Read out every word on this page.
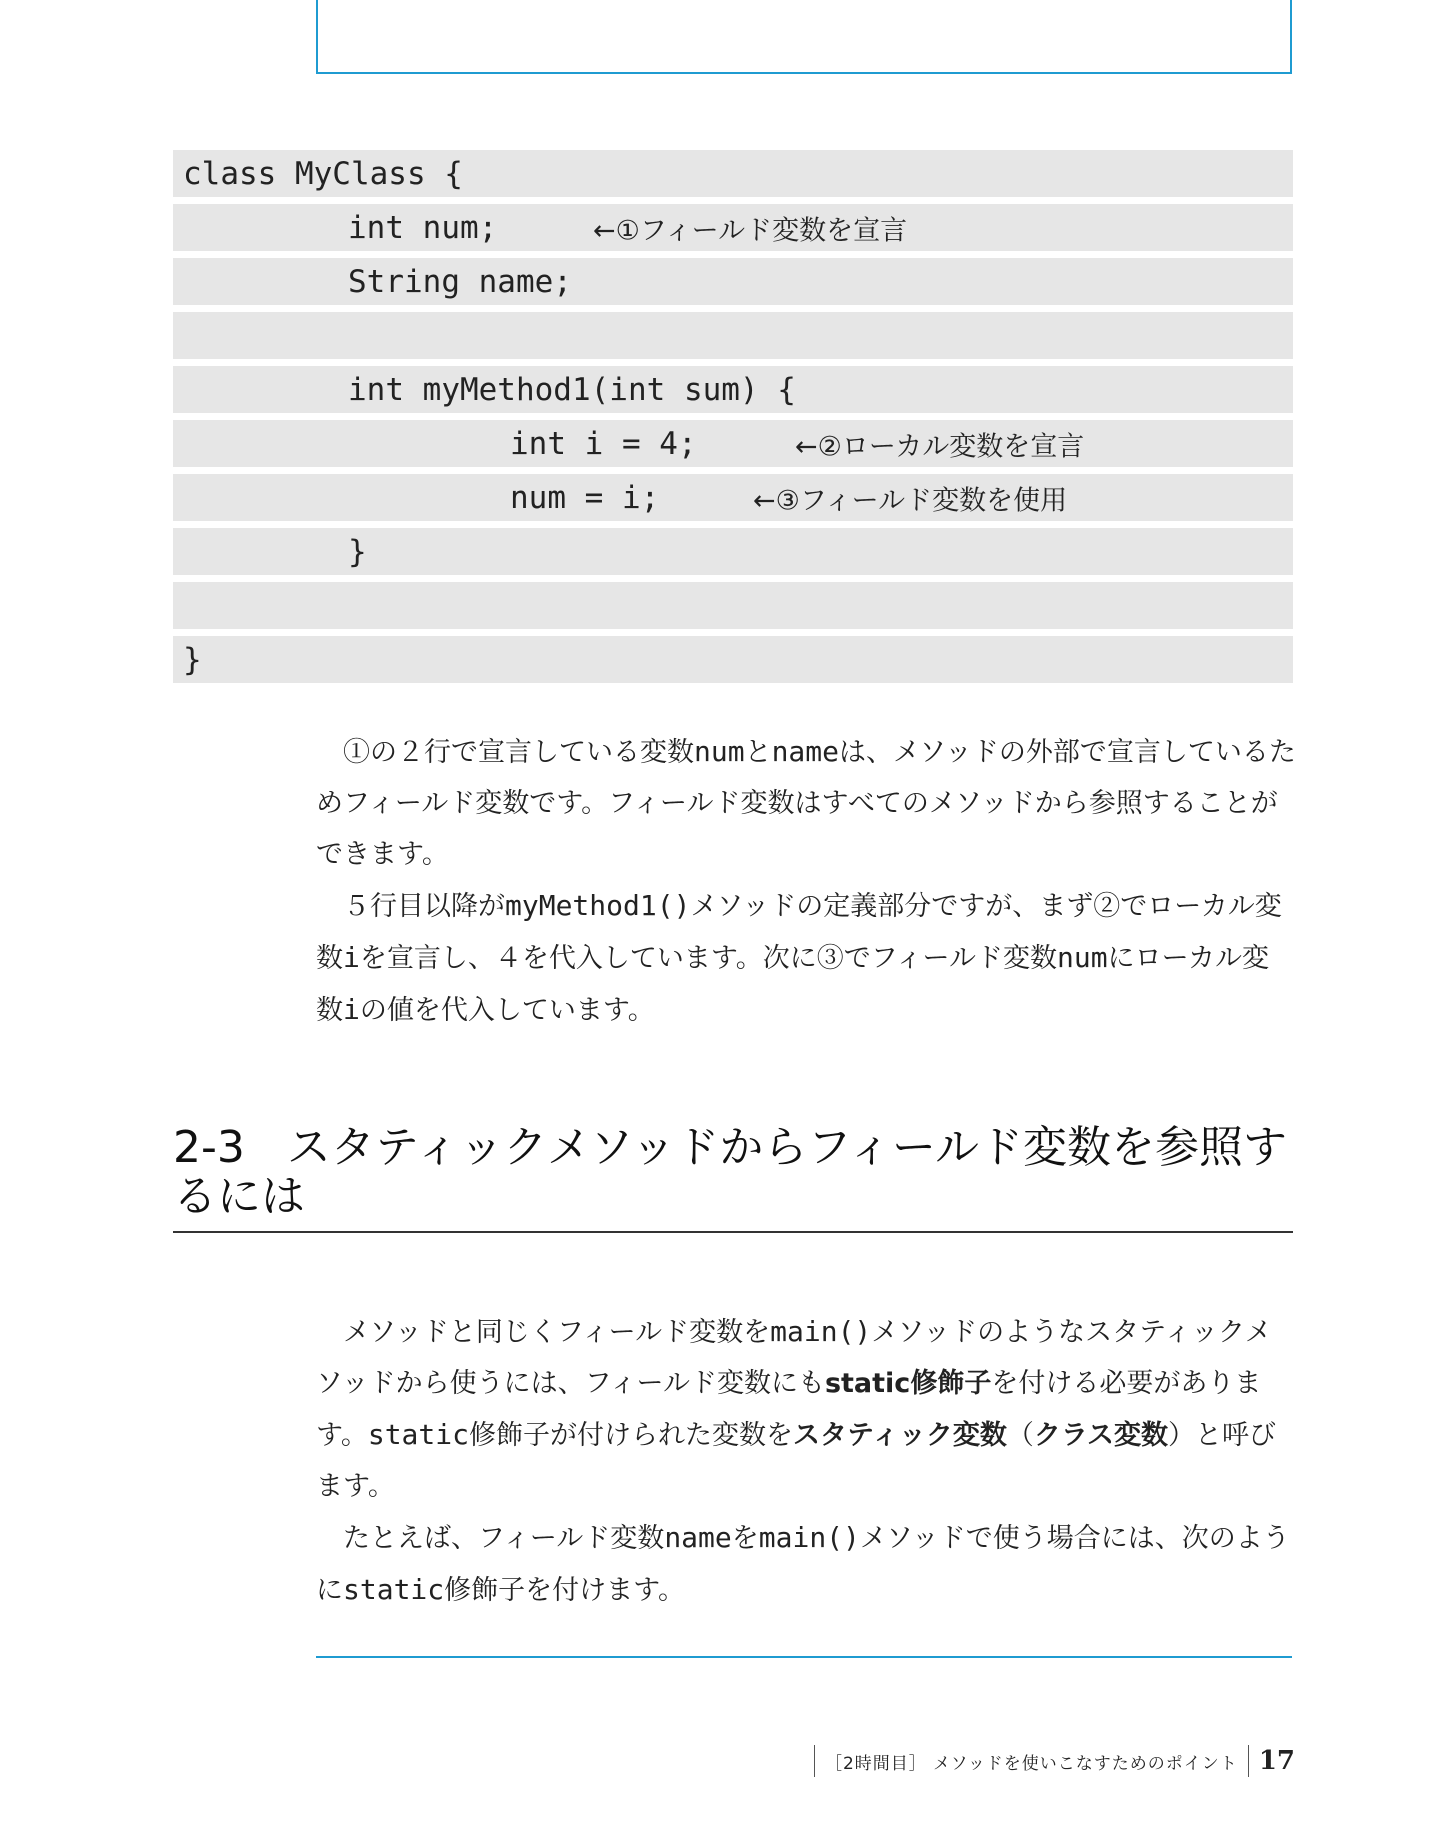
class MyClass {
int num;	←①フィールド変数を宣言
String name;
int myMethod1(int sum) {
int i = 4;	←②ローカル変数を宣言
num = i;	←③フィールド変数を使用
}
}

①の２行で宣言している変数numとnameは、メソッドの外部で宣言しているためフィールド変数です。フィールド変数はすべてのメソッドから参照することができます。

５行目以降がmyMethod1()メソッドの定義部分ですが、まず②でローカル変数iを宣言し、４を代入しています。次に③でフィールド変数numにローカル変数iの値を代入しています。

2-3 スタティックメソッドからフィールド変数を参照するには

メソッドと同じくフィールド変数をmain()メソッドのようなスタティックメソッドから使うには、フィールド変数にもstatic修飾子を付ける必要があります。static修飾子が付けられた変数をスタティック変数（クラス変数）と呼びます。

たとえば、フィールド変数nameをmain()メソッドで使う場合には、次のようにstatic修飾子を付けます。

［2時間目］ メソッドを使いこなすためのポイント 17
